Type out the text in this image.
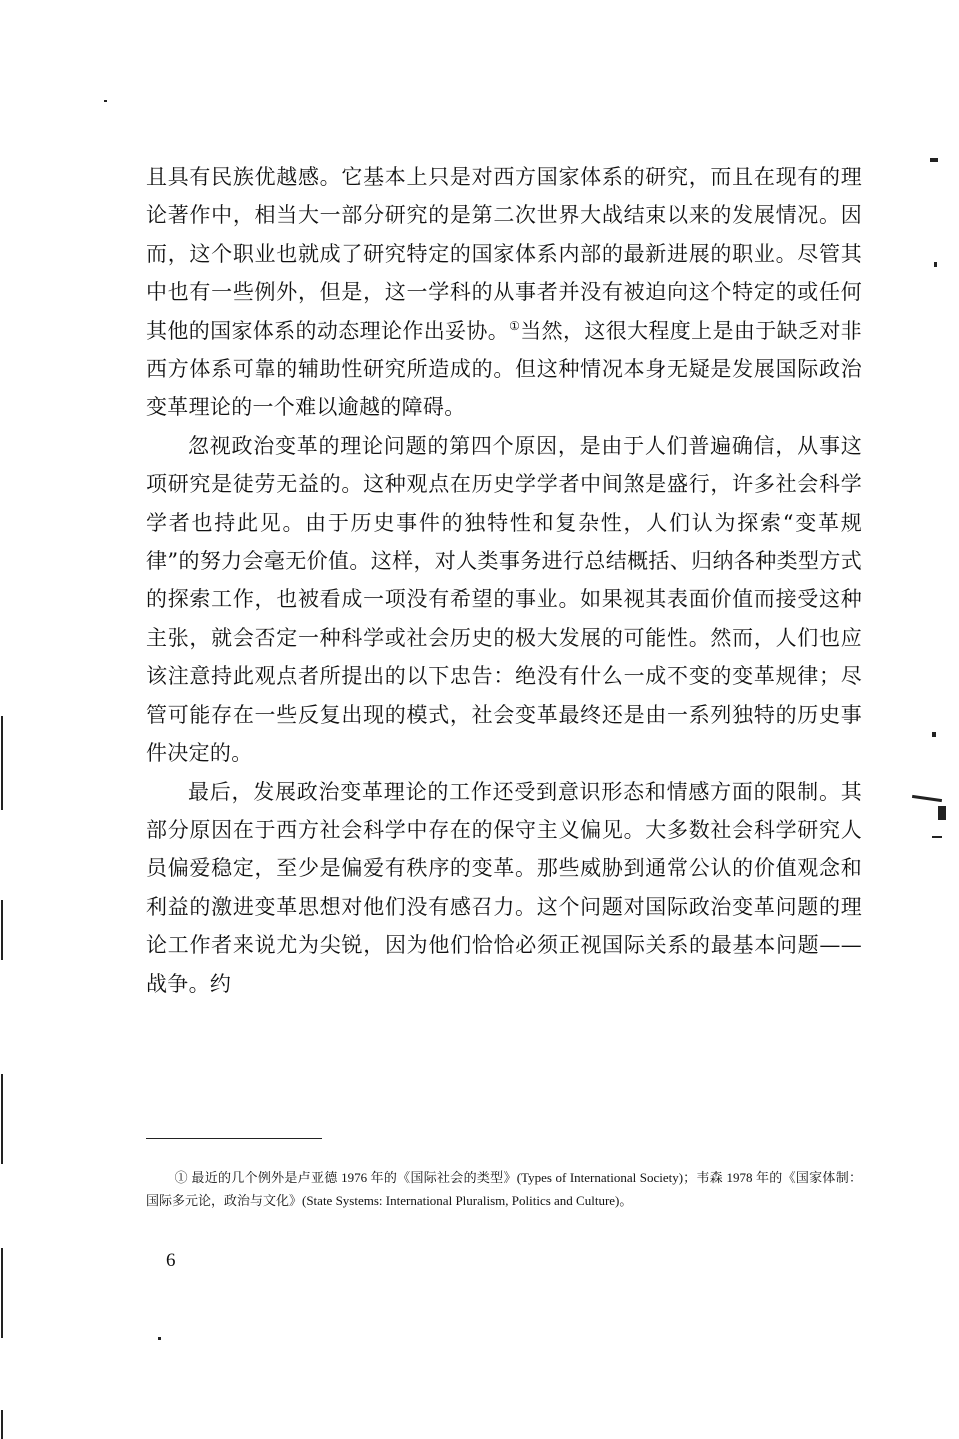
且具有民族优越感。它基本上只是对西方国家体系的研究，而且在现有的理论著作中，相当大一部分研究的是第二次世界大战结束以来的发展情况。因而，这个职业也就成了研究特定的国家体系内部的最新进展的职业。尽管其中也有一些例外，但是，这一学科的从事者并没有被迫向这个特定的或任何其他的国家体系的动态理论作出妥协。①当然，这很大程度上是由于缺乏对非西方体系可靠的辅助性研究所造成的。但这种情况本身无疑是发展国际政治变革理论的一个难以逾越的障碍。

忽视政治变革的理论问题的第四个原因，是由于人们普遍确信，从事这项研究是徒劳无益的。这种观点在历史学学者中间煞是盛行，许多社会科学学者也持此见。由于历史事件的独特性和复杂性，人们认为探索“变革规律”的努力会毫无价值。这样，对人类事务进行总结概括、归纳各种类型方式的探索工作，也被看成一项没有希望的事业。如果视其表面价值而接受这种主张，就会否定一种科学或社会历史的极大发展的可能性。然而，人们也应该注意持此观点者所提出的以下忠告：绝没有什么一成不变的变革规律；尽管可能存在一些反复出现的模式，社会变革最终还是由一系列独特的历史事件决定的。

最后，发展政治变革理论的工作还受到意识形态和情感方面的限制。其部分原因在于西方社会科学中存在的保守主义偏见。大多数社会科学研究人员偏爱稳定，至少是偏爱有秩序的变革。那些威胁到通常公认的价值观念和利益的激进变革思想对他们没有感召力。这个问题对国际政治变革问题的理论工作者来说尤为尖锐，因为他们恰恰必须正视国际关系的最基本问题——战争。约

① 最近的几个例外是卢亚德 1976 年的《国际社会的类型》(Types of International Society)；韦森 1978 年的《国家体制：国际多元论，政治与文化》(State Systems: International Pluralism, Politics and Culture)。

6
